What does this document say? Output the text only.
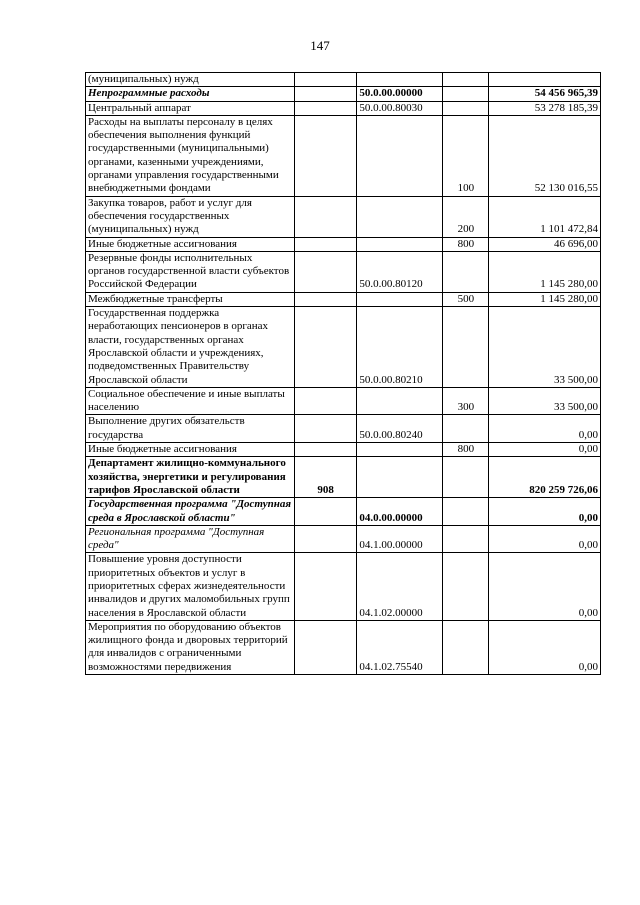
147
(муниципальных) нужд				
Непрограммные расходы		50.0.00.00000		54 456 965,39
Центральный аппарат		50.0.00.80030		53 278 185,39
Расходы на выплаты персоналу в целях обеспечения выполнения функций государственными (муниципальными) органами, казенными учреждениями, органами управления государственными внебюджетными фондами			100	52 130 016,55
Закупка товаров, работ и услуг для обеспечения государственных (муниципальных) нужд			200	1 101 472,84
Иные бюджетные ассигнования			800	46 696,00
Резервные фонды исполнительных органов государственной власти субъектов Российской Федерации		50.0.00.80120		1 145 280,00
Межбюджетные трансферты			500	1 145 280,00
Государственная поддержка неработающих пенсионеров в органах власти, государственных органах Ярославской области и учреждениях, подведомственных Правительству Ярославской области		50.0.00.80210		33 500,00
Социальное обеспечение и иные выплаты населению			300	33 500,00
Выполнение других обязательств государства		50.0.00.80240		0,00
Иные бюджетные ассигнования			800	0,00
Департамент жилищно-коммунального хозяйства, энергетики и регулирования тарифов Ярославской области	908			820 259 726,06
Государственная программа "Доступная среда в Ярославской области"		04.0.00.00000		0,00
Региональная программа "Доступная среда"		04.1.00.00000		0,00
Повышение уровня доступности приоритетных объектов и услуг в приоритетных сферах жизнедеятельности инвалидов и других маломобильных групп населения в Ярославской области		04.1.02.00000		0,00
Мероприятия по оборудованию объектов жилищного фонда и дворовых территорий для инвалидов с ограниченными возможностями передвижения		04.1.02.75540		0,00
